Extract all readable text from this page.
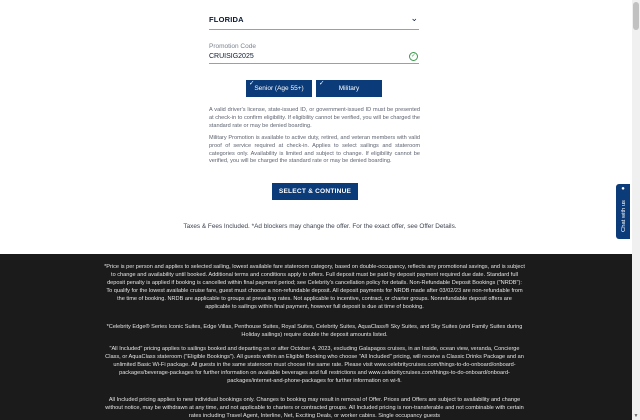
FLORIDA	⌄
Promotion Code
CRUISIG2025
✓
✓
Senior (Age 55+)
✓
Military
A valid driver's license, state-issued ID, or government-issued ID must be presented at check-in to confirm eligibility. If eligibility cannot be verified, you will be charged the standard rate or may be denied boarding.
Military Promotion is available to active duty, retired, and veteran members with valid proof of service required at check-in. Applies to select sailings and stateroom categories only. Availability is limited and subject to change. If eligibility cannot be verified, you will be charged the standard rate or may be denied boarding.
SELECT & CONTINUE
Taxes & Fees Included. *Ad blockers may change the offer. For the exact offer, see Offer Details.
*Price is per person and applies to selected sailing, lowest available fare stateroom category, based on double-occupancy, reflects any promotional savings, and is subject to change and availability until booked. Additional terms and conditions apply to offers. Full deposit must be paid by deposit payment required due date. Standard full deposit penalty is applied if booking is cancelled within final payment period; see Celebrity's cancellation policy for details. Non-Refundable Deposit Bookings ("NRDB"): To qualify for the lowest available cruise fare, guest must choose a non-refundable deposit. All deposit payments for NRDB made after 03/02/23 are non-refundable from the time of booking. NRDB are applicable to groups at prevailing rates. Not applicable to incentive, contract, or charter groups. Nonrefundable deposit offers are applicable to sailings within final payment, however full deposit is due at time of booking.
*Celebrity Edge® Series Iconic Suites, Edge Villas, Penthouse Suites, Royal Suites, Celebrity Suites, AquaClass® Sky Suites, and Sky Suites (and Family Suites during Holiday sailings) require double the deposit amounts listed.
"All Included" pricing applies to sailings booked and departing on or after October 4, 2023, excluding Galapagos cruises, in an Inside, ocean view, veranda, Concierge Class, or AquaClass stateroom ("Eligible Bookings"). All guests within an Eligible Booking who choose "All Included" pricing, will receive a Classic Drinks Package and an unlimited Basic Wi-Fi package. All guests in the same stateroom must choose the same rate. Please visit www.celebritycruises.com/things-to-do-onboard/onboard-packages/beverage-packages for further information on available beverages and full restrictions and www.celebritycruises.com/things-to-do-onboard/onboard-packages/internet-and-phone-packages for further information on wi-fi.
All Included pricing applies to new individual bookings only. Changes to booking may result in removal of Offer. Prices and Offers are subject to availability and change without notice, may be withdrawn at any time, and not applicable to charters or contracted groups. All Included pricing is non-transferable and not combinable with certain rates including Travel Agent, Interline, Net, Exciting Deals, or worker cabins. Single occupancy guests
●
Chat with us
▼
